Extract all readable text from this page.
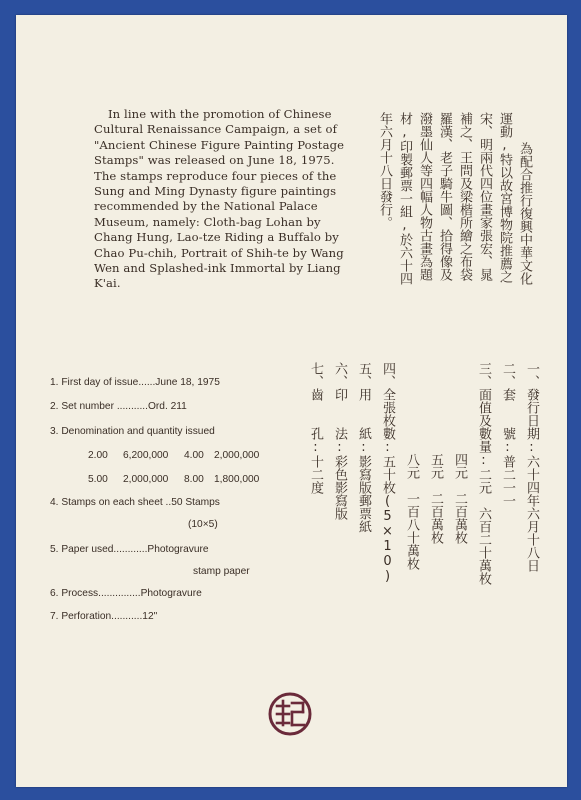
In line with the promotion of Chinese
Cultural Renaissance Campaign, a set of
"Ancient Chinese Figure Painting Postage
Stamps" was released on June 18, 1975.
The stamps reproduce four pieces of the
Sung and Ming Dynasty figure paintings
recommended by the National Palace
Museum, namely: Cloth-bag Lohan by
Chang Hung, Lao-tze Riding a Buffalo by
Chao Pu-chih, Portrait of Shih-te by Wang
Wen and Splashed-ink Immortal by Liang
K'ai.	為配合推行復興中華文化
運動,特以故宮博物院推薦之
宋、明兩代四位畫家張宏、晁
補之、王問及梁楷所繪之布袋
羅漢、老子騎牛圖、拾得像及
潑墨仙人等四幅人物古畫為題
材,印製郵票一組,於六十四
年六月十八日發行。
一、發行日期:六十四年六月十八日
二、套　　號:普二一一
三、面值及數量:二元　六百二十萬枚
　　　　　　　四元　二百萬枚
　　　　　　　五元　二百萬枚
　　　　　　　八元　一百八十萬枚
四、全張枚數:五十枚(5×10)
五、用　　紙:影寫版郵票紙
六、印　　法:彩色影寫版
七、齒　　孔:十二度
1. First day of issue......June 18, 1975
2. Set number ...........Ord. 211
3. Denomination and quantity issued
2.00 6,200,000 4.00 2,000,000
5.00 2,000,000 8.00 1,800,000
4. Stamps on each sheet ..50 Stamps
(10×5)
5. Paper used............Photogravure
stamp paper
6. Process...............Photogravure
7. Perforation...........12"
